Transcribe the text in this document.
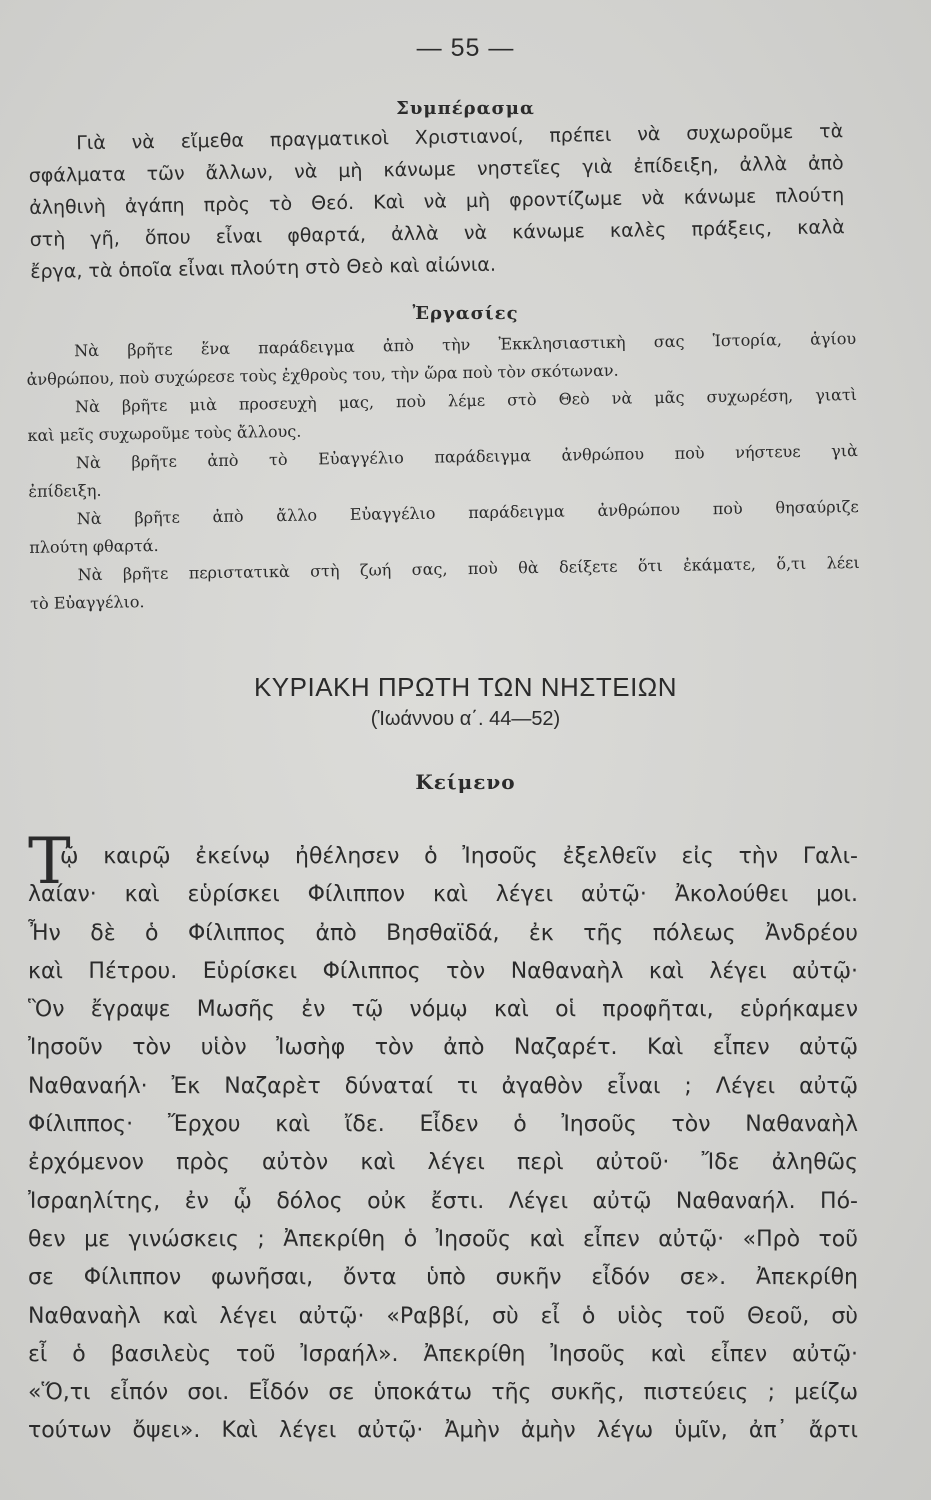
— 55 —
Συμπέρασμα
Γιὰ νὰ εἴμεθα πραγματικοὶ Χριστιανοί, πρέπει νὰ συχωροῦμε τὰ
σφάλματα τῶν ἄλλων, νὰ μὴ κάνωμε νηστεῖες γιὰ ἐπίδειξη, ἀλλὰ ἀπὸ
ἀληθινὴ ἀγάπη πρὸς τὸ Θεό. Καὶ νὰ μὴ φροντίζωμε νὰ κάνωμε πλούτη
στὴ γῆ, ὅπου εἶναι φθαρτά, ἀλλὰ νὰ κάνωμε καλὲς πράξεις, καλὰ
ἔργα, τὰ ὁποῖα εἶναι πλούτη στὸ Θεὸ καὶ αἰώνια.
Ἐργασίες
Νὰ βρῆτε ἕνα παράδειγμα ἀπὸ τὴν Ἐκκλησιαστικὴ σας Ἱστορία, ἁγίου
ἀνθρώπου, ποὺ συχώρεσε τοὺς ἐχθροὺς του, τὴν ὥρα ποὺ τὸν σκότωναν.
Νὰ βρῆτε μιὰ προσευχὴ μας, ποὺ λέμε στὸ Θεὸ νὰ μᾶς συχωρέση, γιατὶ
καὶ μεῖς συχωροῦμε τοὺς ἄλλους.
Νὰ βρῆτε ἀπὸ τὸ Εὐαγγέλιο παράδειγμα ἀνθρώπου ποὺ νήστευε γιὰ
ἐπίδειξη.
Νὰ βρῆτε ἀπὸ ἄλλο Εὐαγγέλιο παράδειγμα ἀνθρώπου ποὺ θησαύριζε
πλούτη φθαρτά.
Νὰ βρῆτε περιστατικὰ στὴ ζωή σας, ποὺ θὰ δείξετε ὅτι ἐκάματε, ὅ,τι λέει
τὸ Εὐαγγέλιο.
ΚΥΡΙΑΚΗ ΠΡΩΤΗ ΤΩΝ ΝΗΣΤΕΙΩΝ
(Ἰωάννου α΄. 44—52)
Κείμενο
Τ
ῷ καιρῷ ἐκείνῳ ἠθέλησεν ὁ Ἰησοῦς ἐξελθεῖν εἰς τὴν Γαλι-
λαίαν· καὶ εὑρίσκει Φίλιππον καὶ λέγει αὐτῷ· Ἀκολούθει μοι.
Ἦν δὲ ὁ Φίλιππος ἀπὸ Βησθαϊδά, ἐκ τῆς πόλεως Ἀνδρέου
καὶ Πέτρου. Εὑρίσκει Φίλιππος τὸν Ναθαναὴλ καὶ λέγει αὐτῷ·
Ὃν ἔγραψε Μωσῆς ἐν τῷ νόμῳ καὶ οἱ προφῆται, εὑρήκαμεν
Ἰησοῦν τὸν υἱὸν Ἰωσὴφ τὸν ἀπὸ Ναζαρέτ. Καὶ εἶπεν αὐτῷ
Ναθαναήλ· Ἐκ Ναζαρὲτ δύναταί τι ἀγαθὸν εἶναι ; Λέγει αὐτῷ
Φίλιππος· Ἔρχου καὶ ἴδε. Εἶδεν ὁ Ἰησοῦς τὸν Ναθαναὴλ
ἐρχόμενον πρὸς αὐτὸν καὶ λέγει περὶ αὐτοῦ· Ἴδε ἀληθῶς
Ἰσραηλίτης, ἐν ᾧ δόλος οὐκ ἔστι. Λέγει αὐτῷ Ναθαναήλ. Πό-
θεν με γινώσκεις ; Ἀπεκρίθη ὁ Ἰησοῦς καὶ εἶπεν αὐτῷ· «Πρὸ τοῦ
σε Φίλιππον φωνῆσαι, ὄντα ὑπὸ συκῆν εἶδόν σε». Ἀπεκρίθη
Ναθαναὴλ καὶ λέγει αὐτῷ· «Ραββί, σὺ εἶ ὁ υἱὸς τοῦ Θεοῦ, σὺ
εἶ ὁ βασιλεὺς τοῦ Ἰσραήλ». Ἀπεκρίθη Ἰησοῦς καὶ εἶπεν αὐτῷ·
«Ὅ,τι εἶπόν σοι. Εἶδόν σε ὑποκάτω τῆς συκῆς, πιστεύεις ; μείζω
τούτων ὄψει». Καὶ λέγει αὐτῷ· Ἀμὴν ἀμὴν λέγω ὑμῖν, ἀπ᾽ ἄρτι
